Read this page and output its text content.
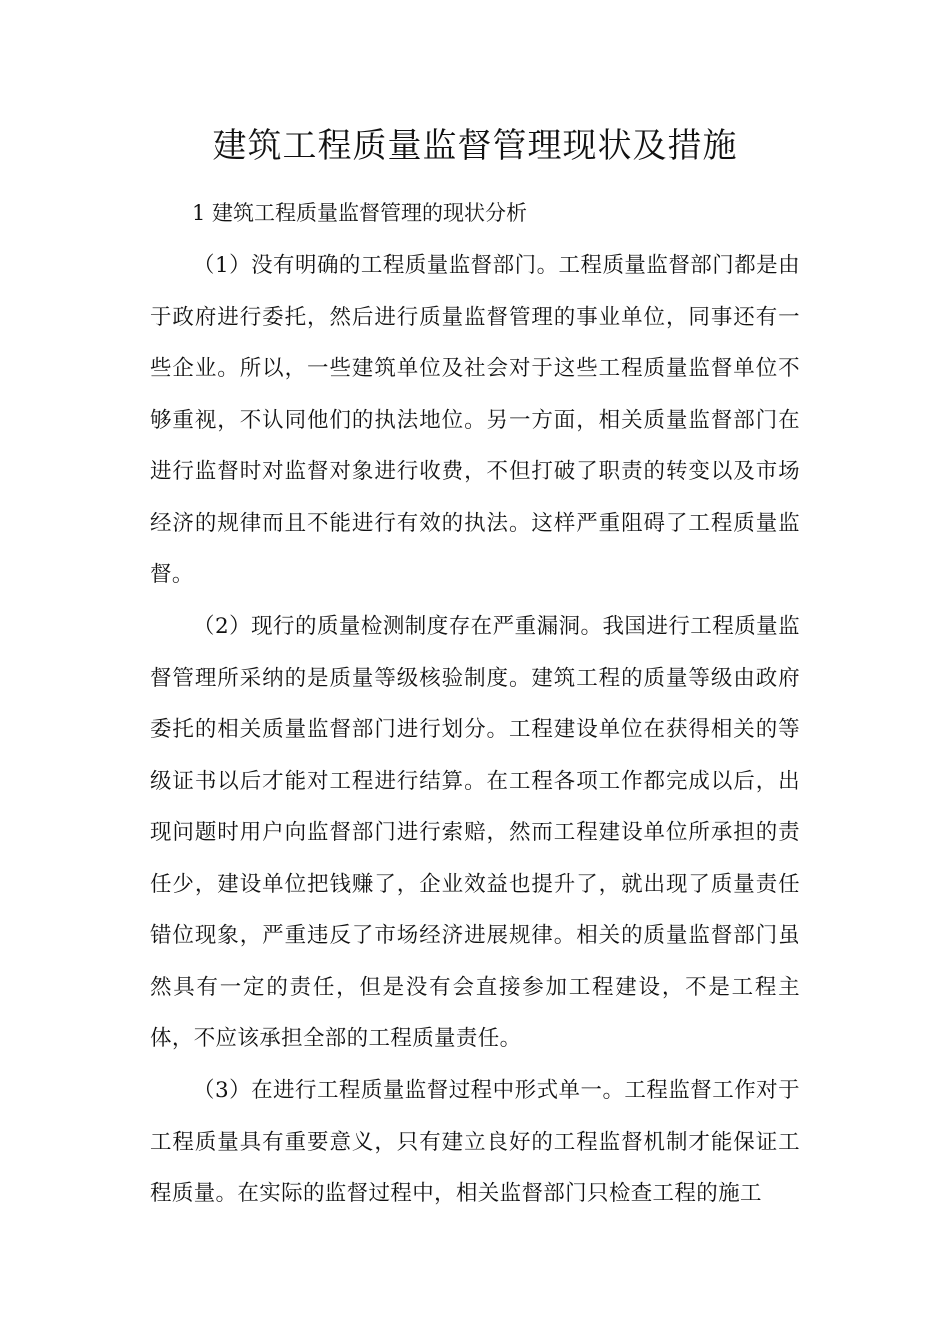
建筑工程质量监督管理现状及措施
1 建筑工程质量监督管理的现状分析

（1）没有明确的工程质量监督部门。工程质量监督部门都是由于政府进行委托，然后进行质量监督管理的事业单位，同事还有一些企业。所以，一些建筑单位及社会对于这些工程质量监督单位不够重视，不认同他们的执法地位。另一方面，相关质量监督部门在进行监督时对监督对象进行收费，不但打破了职责的转变以及市场经济的规律而且不能进行有效的执法。这样严重阻碍了工程质量监督。

（2）现行的质量检测制度存在严重漏洞。我国进行工程质量监督管理所采纳的是质量等级核验制度。建筑工程的质量等级由政府委托的相关质量监督部门进行划分。工程建设单位在获得相关的等级证书以后才能对工程进行结算。在工程各项工作都完成以后，出现问题时用户向监督部门进行索赔，然而工程建设单位所承担的责任少，建设单位把钱赚了，企业效益也提升了，就出现了质量责任错位现象，严重违反了市场经济进展规律。相关的质量监督部门虽然具有一定的责任，但是没有会直接参加工程建设，不是工程主体，不应该承担全部的工程质量责任。

（3）在进行工程质量监督过程中形式单一。工程监督工作对于工程质量具有重要意义，只有建立良好的工程监督机制才能保证工程质量。在实际的监督过程中，相关监督部门只检查工程的施工
